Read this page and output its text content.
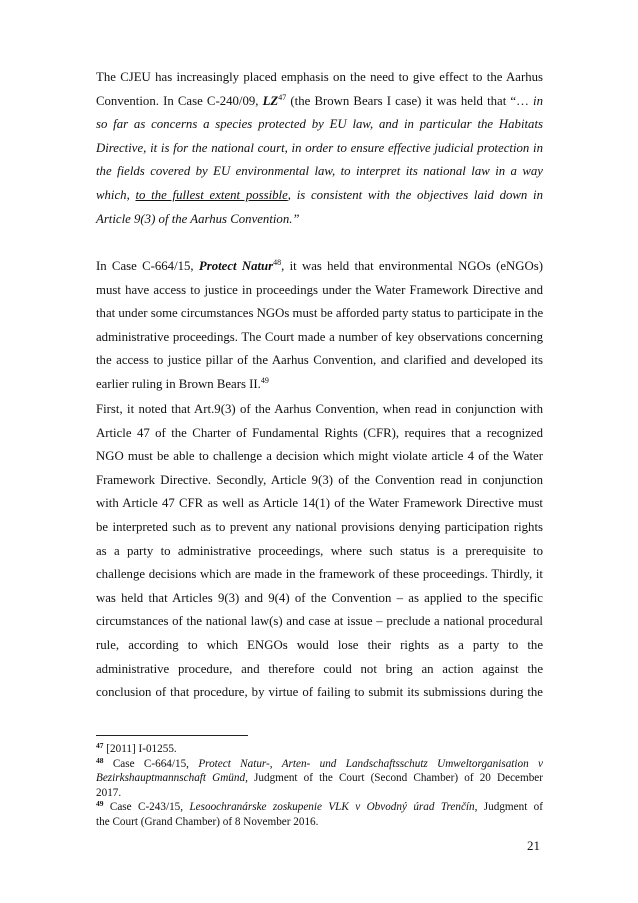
The CJEU has increasingly placed emphasis on the need to give effect to the Aarhus
Convention. In Case C-240/09, LZ$^{47}$ (the Brown Bears I case) it was held that “… in
so far as concerns a species protected by EU law, and in particular the Habitats
Directive, it is for the national court, in order to ensure effective judicial protection in
the fields covered by EU environmental law, to interpret its national law in a way
which, to the fullest extent possible, is consistent with the objectives laid down in
Article 9(3) of the Aarhus Convention.”

In Case C-664/15, Protect Natur$^{48}$, it was held that environmental NGOs (eNGOs)
must have access to justice in proceedings under the Water Framework Directive and
that under some circumstances NGOs must be afforded party status to participate in the
administrative proceedings. The Court made a number of key observations concerning
the access to justice pillar of the Aarhus Convention, and clarified and developed its
earlier ruling in Brown Bears II.$^{49}$

First, it noted that Art.9(3) of the Aarhus Convention, when read in conjunction with
Article 47 of the Charter of Fundamental Rights (CFR), requires that a recognized
NGO must be able to challenge a decision which might violate article 4 of the Water
Framework Directive. Secondly, Article 9(3) of the Convention read in conjunction
with Article 47 CFR as well as Article 14(1) of the Water Framework Directive must
be interpreted such as to prevent any national provisions denying participation rights
as a party to administrative proceedings, where such status is a prerequisite to
challenge decisions which are made in the framework of these proceedings. Thirdly, it
was held that Articles 9(3) and 9(4) of the Convention – as applied to the specific
circumstances of the national law(s) and case at issue – preclude a national procedural
rule, according to which ENGOs would lose their rights as a party to the
administrative procedure, and therefore could not bring an action against the
conclusion of that procedure, by virtue of failing to submit its submissions during the

$^{47}$ [2011] I-01255.

$^{48}$ Case C-664/15, Protect Natur-, Arten- und Landschaftsschutz Umweltorganisation v
Bezirkshauptmannschaft Gmünd, Judgment of the Court (Second Chamber) of 20 December
2017.

$^{49}$ Case C-243/15, Lesoochranárske zoskupenie VLK v Obvodný úrad Trenčín, Judgment of
the Court (Grand Chamber) of 8 November 2016.

21
